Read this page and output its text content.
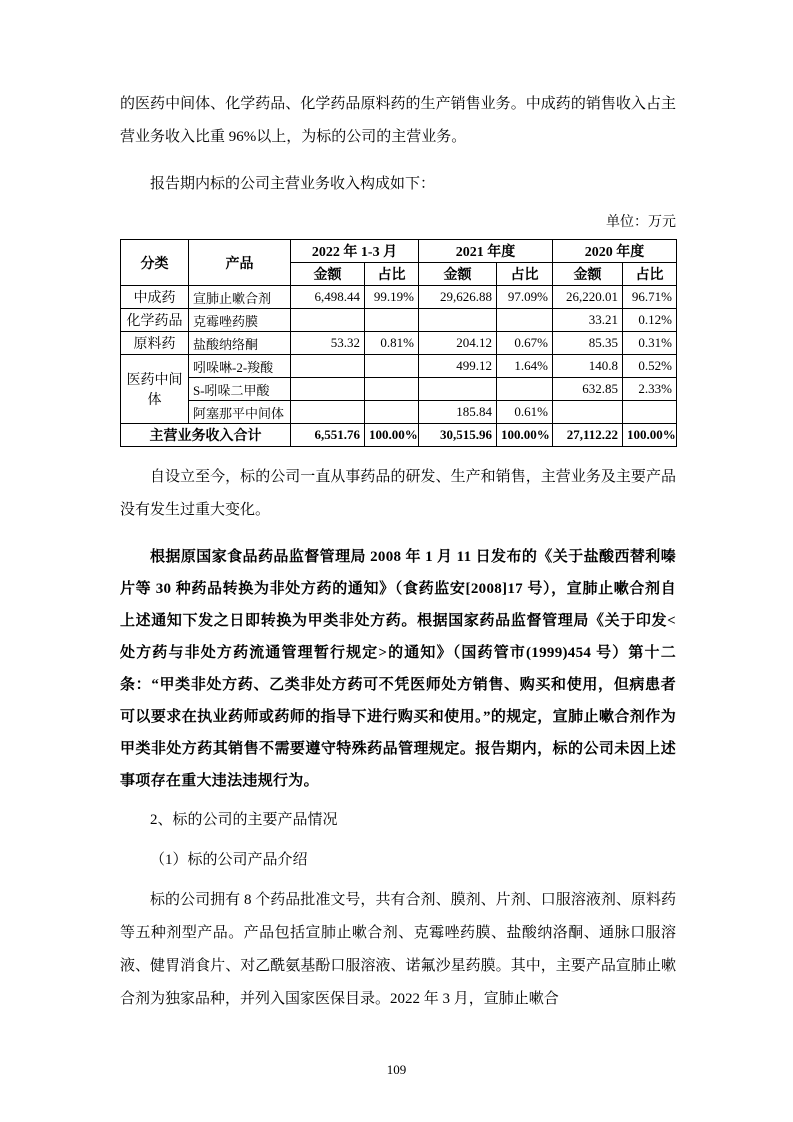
的医药中间体、化学药品、化学药品原料药的生产销售业务。中成药的销售收入占主营业务收入比重 96%以上，为标的公司的主营业务。

报告期内标的公司主营业务收入构成如下：

单位：万元
分类	产品	2022 年 1-3 月		2021 年度		2020 年度	
		金额	占比	金额	占比	金额	占比
中成药	宣肺止嗽合剂	6,498.44	99.19%	29,626.88	97.09%	26,220.01	96.71%
化学药品	克霉唑药膜					33.21	0.12%
原料药	盐酸纳络酮	53.32	0.81%	204.12	0.67%	85.35	0.31%
医药中间体	吲哚啉-2-羧酸			499.12	1.64%	140.8	0.52%
	S-吲哚二甲酸					632.85	2.33%
	阿塞那平中间体			185.84	0.61%		
主营业务收入合计		6,551.76	100.00%	30,515.96	100.00%	27,112.22	100.00%

自设立至今，标的公司一直从事药品的研发、生产和销售，主营业务及主要产品没有发生过重大变化。

根据原国家食品药品监督管理局 2008 年 1 月 11 日发布的《关于盐酸西替利嗪片等 30 种药品转换为非处方药的通知》（食药监安[2008]17 号），宣肺止嗽合剂自上述通知下发之日即转换为甲类非处方药。根据国家药品监督管理局《关于印发<处方药与非处方药流通管理暂行规定>的通知》（国药管市(1999)454 号）第十二条：“甲类非处方药、乙类非处方药可不凭医师处方销售、购买和使用，但病患者可以要求在执业药师或药师的指导下进行购买和使用。”的规定，宣肺止嗽合剂作为甲类非处方药其销售不需要遵守特殊药品管理规定。报告期内，标的公司未因上述事项存在重大违法违规行为。

2、标的公司的主要产品情况

（1）标的公司产品介绍

标的公司拥有 8 个药品批准文号，共有合剂、膜剂、片剂、口服溶液剂、原料药等五种剂型产品。产品包括宣肺止嗽合剂、克霉唑药膜、盐酸纳洛酮、通脉口服溶液、健胃消食片、对乙酰氨基酚口服溶液、诺氟沙星药膜。其中，主要产品宣肺止嗽合剂为独家品种，并列入国家医保目录。2022 年 3 月，宣肺止嗽合

109
